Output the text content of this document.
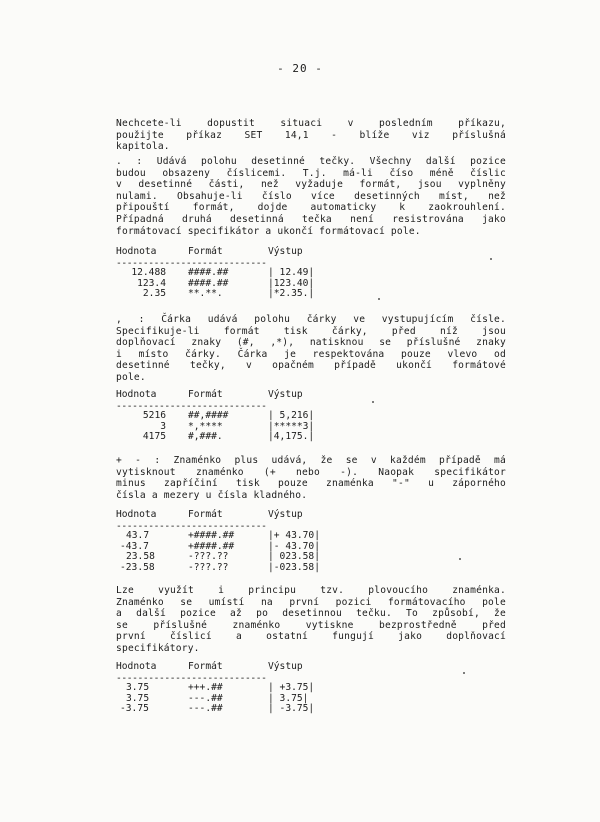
- 20 -
Nechcete-li dopustit situaci v posledním příkazu,
použijte příkaz SET 14,1 - blíže viz příslušná
kapitola.
. : Udává polohu desetinné tečky. Všechny další pozice
budou obsazeny číslicemi. T.j. má-li číso méně číslic
v desetinné části, než vyžaduje formát, jsou vyplněny
nulami. Obsahuje-li číslo více desetinných míst, než
připouští formát, dojde automaticky k zaokrouhlení.
Případná druhá desetinná tečka není resistrována jako
formátovací specifikátor a ukončí formátovací pole.
Hodnota	Formát	Výstup
----------------------------
12.488 ####.##	| 12.49|
123.4 ####.##	|123.40|
2.35 **.**.	|*2.35.|
, : Čárka udává polohu čárky ve vystupujícím čísle.
Specifikuje-li formát tisk čárky, před níž jsou
doplňovací znaky (#, ,*), natisknou se příslušné znaky
i místo čárky. Čárka je respektována pouze vlevo od
desetinné tečky, v opačném případě ukončí formátové
pole.
Hodnota	Formát	Výstup
----------------------------
5216 ##,####	| 5,216|
3 *,****	|*****3|
4175 #,###.	|4,175.|
+ - : Znaménko plus udává, že se v každém případě má
vytisknout znaménko (+ nebo -). Naopak specifikátor
minus zapříčiní tisk pouze znaménka "-" u záporného
čísla a mezery u čísla kladného.
Hodnota	Formát	Výstup
----------------------------
43.7	+####.##	|+ 43.70|
-43.7	+####.##	|- 43.70|
23.58	-???.??	| 023.58|
-23.58	-???.??	|-023.58|
Lze využít i principu tzv. plovoucího znaménka.
Znaménko se umístí na první pozici formátovacího pole
a další pozice až po desetinnou tečku. To způsobí, že
se příslušné znaménko vytiskne bezprostředně před
první číslicí a ostatní fungují jako doplňovací
specifikátory.
Hodnota	Formát	Výstup
----------------------------
3.75	+++.##	| +3.75|
3.75	---.##	| 3.75|
-3.75	---.##	| -3.75|
